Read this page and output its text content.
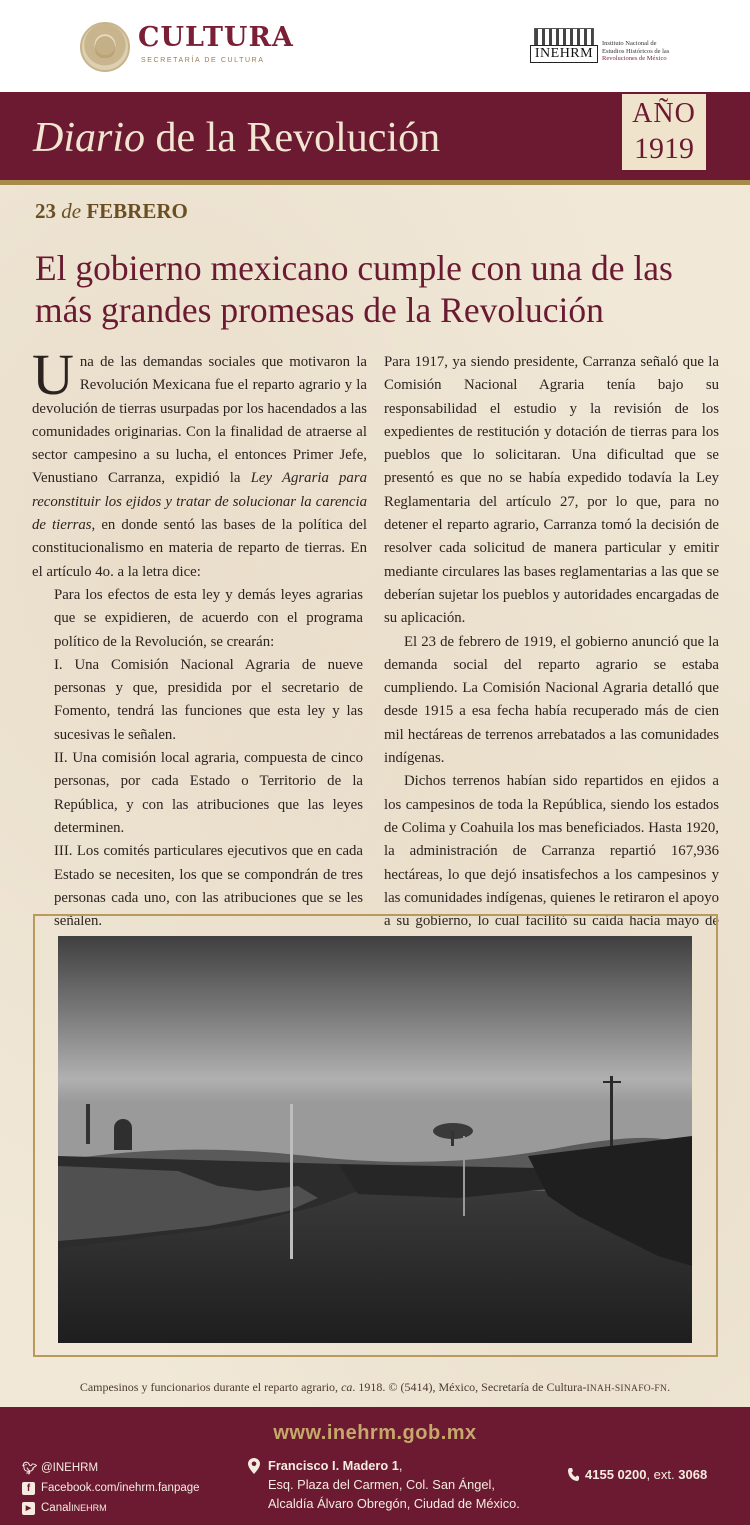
CULTURA
SECRETARÍA DE CULTURA	INEHRM
Instituto Nacional de
Estudios Históricos de las
Revoluciones de México
Diario de la Revolución
AÑO
1919
23 de FEBRERO
El gobierno mexicano cumple con una de las más grandes promesas de la Revolución

Una de las demandas sociales que motivaron la Revolución Mexicana fue el reparto agrario y la devolución de tierras usurpadas por los hacendados a las comunidades originarias. Con la finalidad de atraerse al sector campesino a su lucha, el entonces Primer Jefe, Venustiano Carranza, expidió la Ley Agraria para reconstituir los ejidos y tratar de solucionar la carencia de tierras, en donde sentó las bases de la política del constitucionalismo en materia de reparto de tierras. En el artículo 4o. a la letra dice:

Para los efectos de esta ley y demás leyes agrarias que se expidieren, de acuerdo con el programa político de la Revolución, se crearán:

I. Una Comisión Nacional Agraria de nueve personas y que, presidida por el secretario de Fomento, tendrá las funciones que esta ley y las sucesivas le señalen.

II. Una comisión local agraria, compuesta de cinco personas, por cada Estado o Territorio de la República, y con las atribuciones que las leyes determinen.

III. Los comités particulares ejecutivos que en cada Estado se necesiten, los que se compondrán de tres personas cada uno, con las atribuciones que se les señalen.

Para 1917, ya siendo presidente, Carranza señaló que la Comisión Nacional Agraria tenía bajo su responsabilidad el estudio y la revisión de los expedientes de restitución y dotación de tierras para los pueblos que lo solicitaran. Una dificultad que se presentó es que no se había expedido todavía la Ley Reglamentaria del artículo 27, por lo que, para no detener el reparto agrario, Carranza tomó la decisión de resolver cada solicitud de manera particular y emitir mediante circulares las bases reglamentarias a las que se deberían sujetar los pueblos y autoridades encargadas de su aplicación.

El 23 de febrero de 1919, el gobierno anunció que la demanda social del reparto agrario se estaba cumpliendo. La Comisión Nacional Agraria detalló que desde 1915 a esa fecha había recuperado más de cien mil hectáreas de terrenos arrebatados a las comunidades indígenas.

Dichos terrenos habían sido repartidos en ejidos a los campesinos de toda la República, siendo los estados de Colima y Coahuila los mas beneficiados. Hasta 1920, la administración de Carranza repartió 167,936 hectáreas, lo que dejó insatisfechos a los campesinos y las comunidades indígenas, quienes le retiraron el apoyo a su gobierno, lo cual facilitó su caída hacia mayo de

Campesinos y funcionarios durante el reparto agrario, ca. 1918. © (5414), México, Secretaría de Cultura-INAH-SINAFO-FN.
www.inehrm.gob.mx
🐦︎ @INEHRM
f Facebook.com/inehrm.fanpage
▶ Canal INEHRM
Francisco I. Madero 1,
Esq. Plaza del Carmen, Col. San Ángel,
Alcaldía Álvaro Obregón, Ciudad de México.
4155 0200, ext. 3068
